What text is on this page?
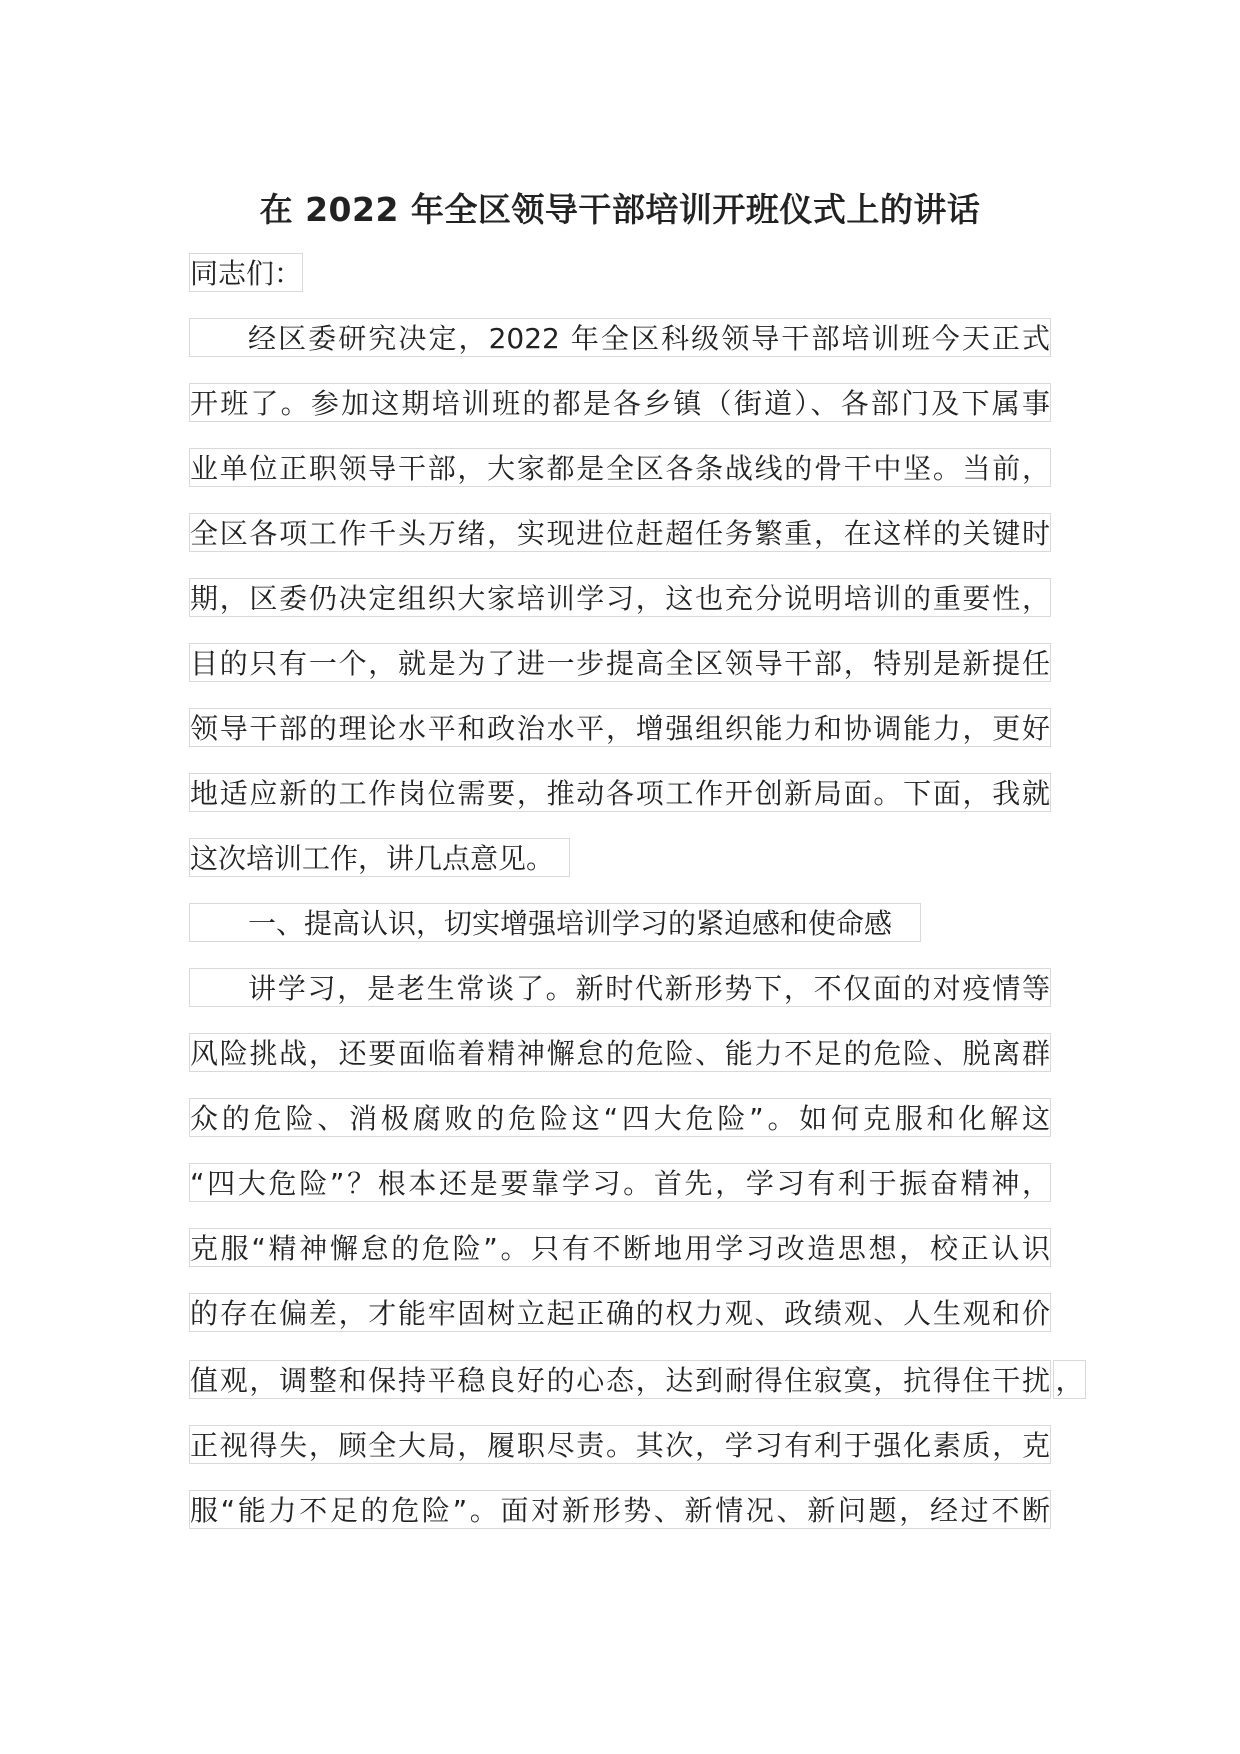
在 2022 年全区领导干部培训开班仪式上的讲话
同志们：
经区委研究决定，2022 年全区科级领导干部培训班今天正式
开班了。参加这期培训班的都是各乡镇（街道）、各部门及下属事
业单位正职领导干部，大家都是全区各条战线的骨干中坚。当前，
全区各项工作千头万绪，实现进位赶超任务繁重，在这样的关键时
期，区委仍决定组织大家培训学习，这也充分说明培训的重要性，
目的只有一个，就是为了进一步提高全区领导干部，特别是新提任
领导干部的理论水平和政治水平，增强组织能力和协调能力，更好
地适应新的工作岗位需要，推动各项工作开创新局面。下面，我就
这次培训工作，讲几点意见。
一、提高认识，切实增强培训学习的紧迫感和使命感
讲学习，是老生常谈了。新时代新形势下，不仅面的对疫情等
风险挑战，还要面临着精神懈怠的危险、能力不足的危险、脱离群
众的危险、消极腐败的危险这“四大危险”。如何克服和化解这
“四大危险”？根本还是要靠学习。首先，学习有利于振奋精神，
克服“精神懈怠的危险”。只有不断地用学习改造思想，校正认识
的存在偏差，才能牢固树立起正确的权力观、政绩观、人生观和价
值观，调整和保持平稳良好的心态，达到耐得住寂寞，抗得住干扰 ，
正视得失，顾全大局，履职尽责。其次，学习有利于强化素质，克
服“能力不足的危险”。面对新形势、新情况、新问题，经过不断
